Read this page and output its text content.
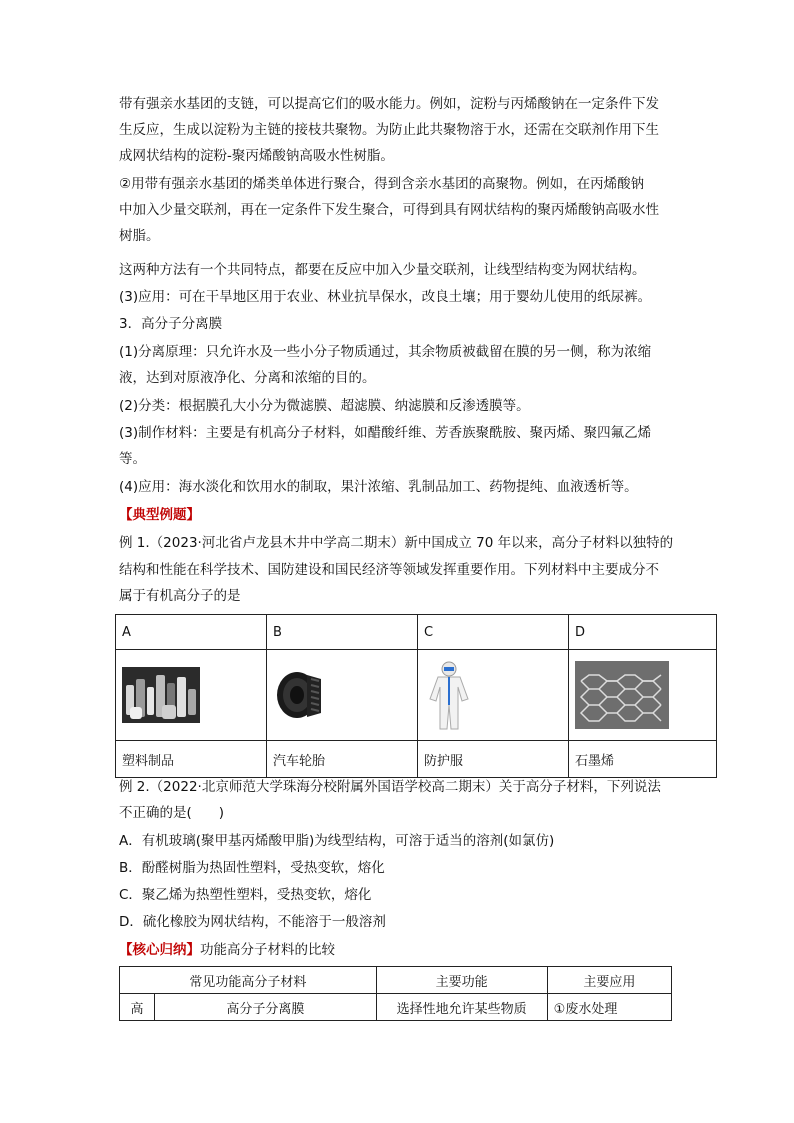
带有强亲水基团的支链，可以提高它们的吸水能力。例如，淀粉与丙烯酸钠在一定条件下发

生反应，生成以淀粉为主链的接枝共聚物。为防止此共聚物溶于水，还需在交联剂作用下生

成网状结构的淀粉-聚丙烯酸钠高吸水性树脂。

②用带有强亲水基团的烯类单体进行聚合，得到含亲水基团的高聚物。例如，在丙烯酸钠

中加入少量交联剂，再在一定条件下发生聚合，可得到具有网状结构的聚丙烯酸钠高吸水性

树脂。

这两种方法有一个共同特点，都要在反应中加入少量交联剂，让线型结构变为网状结构。

(3)应用：可在干旱地区用于农业、林业抗旱保水，改良土壤；用于婴幼儿使用的纸尿裤。

3．高分子分离膜

(1)分离原理：只允许水及一些小分子物质通过，其余物质被截留在膜的另一侧，称为浓缩

液，达到对原液净化、分离和浓缩的目的。

(2)分类：根据膜孔大小分为微滤膜、超滤膜、纳滤膜和反渗透膜等。

(3)制作材料：主要是有机高分子材料，如醋酸纤维、芳香族聚酰胺、聚丙烯、聚四氟乙烯

等。

(4)应用：海水淡化和饮用水的制取，果汁浓缩、乳制品加工、药物提纯、血液透析等。

【典型例题】

例 1.（2023·河北省卢龙县木井中学高二期末）新中国成立 70 年以来，高分子材料以独特的

结构和性能在科学技术、国防建设和国民经济等领域发挥重要作用。下列材料中主要成分不

属于有机高分子的是

A	B	C	D

塑料制品	汽车轮胎	防护服	石墨烯

例 2.（2022·北京师范大学珠海分校附属外国语学校高二期末）关于高分子材料，下列说法

不正确的是(　　)

A．有机玻璃(聚甲基丙烯酸甲脂)为线型结构，可溶于适当的溶剂(如氯仿)

B．酚醛树脂为热固性塑料，受热变软，熔化

C．聚乙烯为热塑性塑料，受热变软，熔化

D．硫化橡胶为网状结构，不能溶于一般溶剂

【核心归纳】功能高分子材料的比较

常见功能高分子材料		主要功能	主要应用
高	高分子分离膜	选择性地允许某些物质	①废水处理
